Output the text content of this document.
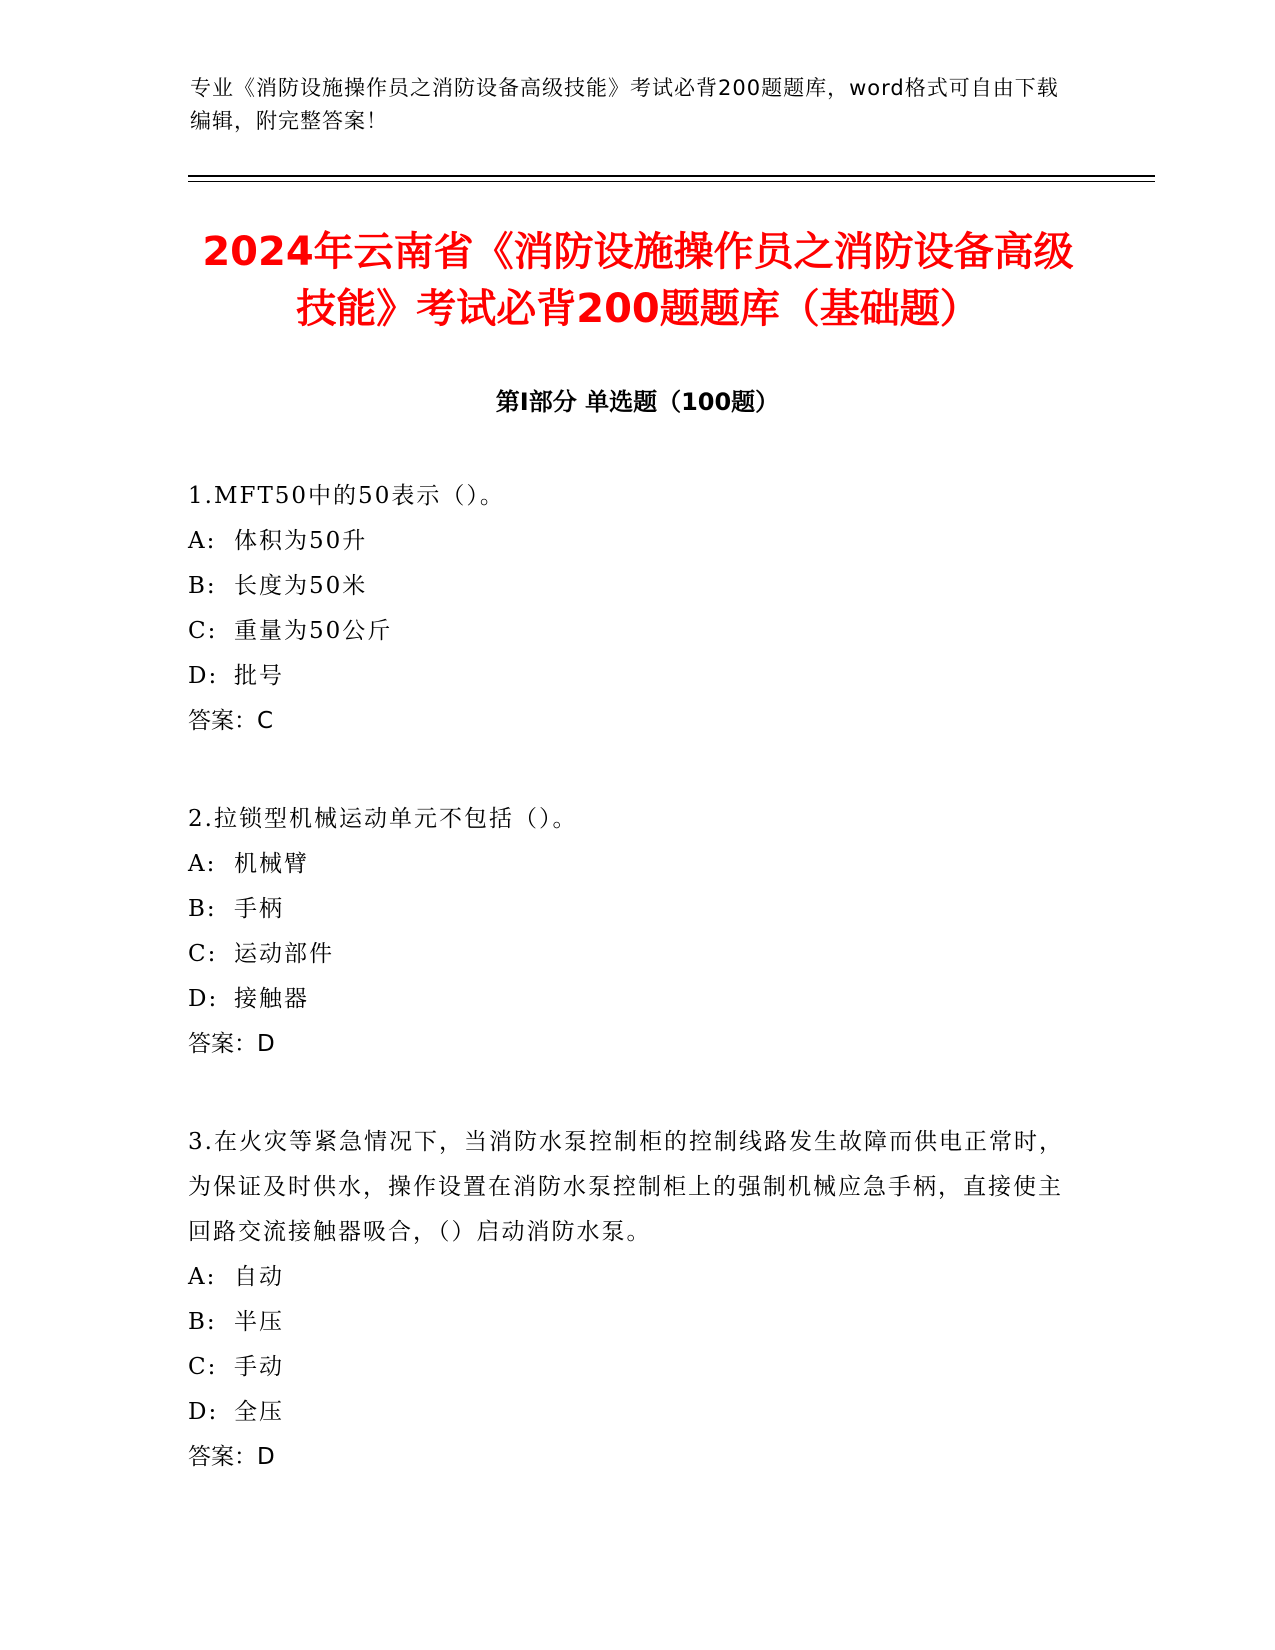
专业《消防设施操作员之消防设备高级技能》考试必背200题题库，word格式可自由下载编辑，附完整答案！

2024年云南省《消防设施操作员之消防设备高级技能》考试必背200题题库（基础题）
第Ⅰ部分 单选题（100题）

1.MFT50中的50表示（）。

A: 体积为50升

B: 长度为50米

C: 重量为50公斤

D: 批号

答案：C

2.拉锁型机械运动单元不包括（）。

A: 机械臂

B: 手柄

C: 运动部件

D: 接触器

答案：D

3.在火灾等紧急情况下，当消防水泵控制柜的控制线路发生故障而供电正常时，为保证及时供水，操作设置在消防水泵控制柜上的强制机械应急手柄，直接使主回路交流接触器吸合，（）启动消防水泵。

A: 自动

B: 半压

C: 手动

D: 全压

答案：D
